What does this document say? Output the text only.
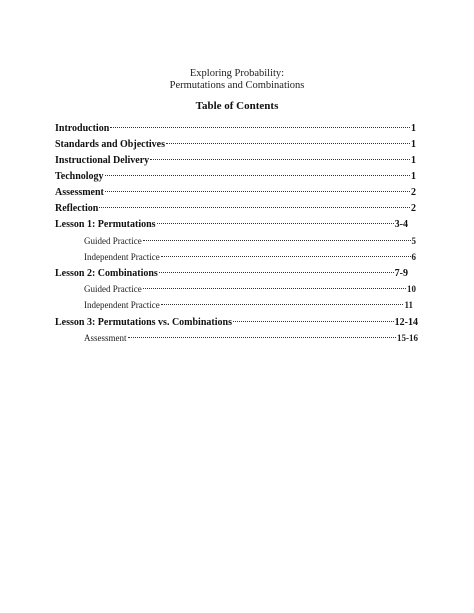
Exploring Probability:
Permutations and Combinations
Table of Contents
Introduction	1
Standards and Objectives	1
Instructional Delivery	1
Technology	1
Assessment	2
Reflection	2
Lesson 1: Permutations	3-4
Guided Practice	5
Independent Practice	6
Lesson 2: Combinations	7-9
Guided Practice	10
Independent Practice	11
Lesson 3: Permutations vs. Combinations	12-14
Assessment	15-16
